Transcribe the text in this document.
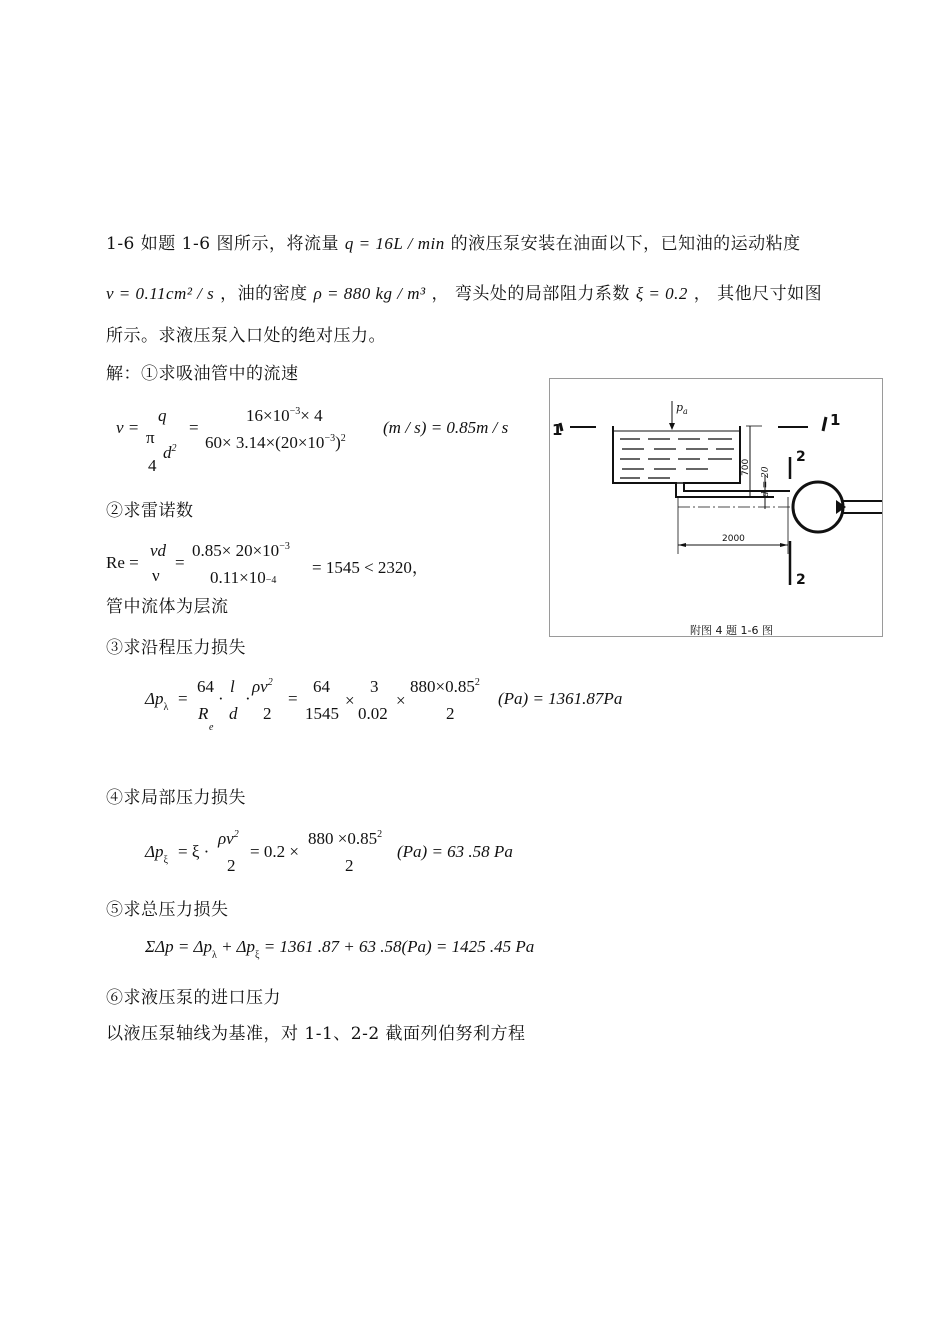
1-6 如题 1-6 图所示，将流量 q = 16L / min 的液压泵安装在油面以下，已知油的运动粘度
ν = 0.11cm² / s ，油的密度 ρ = 880 kg / m³ ， 弯头处的局部阻力系数 ξ = 0.2 ， 其他尺寸如图
所示。求液压泵入口处的绝对压力。
解：①求吸油管中的流速
v =
q
π
4
$d^2$
=
$16\times 10^{-3}\times 4$
$60\times 3.14\times(20\times 10^{-3})^2$
(m / s) = 0.85m / s
②求雷诺数
Re =
vd
ν
=
$0.85\times 20\times 10^{-3}$
0.11×10−4
= 1545 < 2320，
管中流体为层流
③求沿程压力损失
$\Delta p_\lambda$ =
64
R
e
·
l
d
·
$\rho v^2$
2
=
64
1545
×
3
0.02
×
$880\times 0.85^2$
2
(Pa) = 1361.87Pa
④求局部压力损失
$\Delta p_\xi = \xi$ ·
$\rho v^2$
2
= 0.2 ×
$880 \times 0.85^2$
2
(Pa) = 63 .58 Pa
⑤求总压力损失
$\Sigma\Delta p = \Delta p_\lambda + \Delta p_\xi = 1361$ .87 + 63 .58(Pa) = 1425 .45 Pa
⑥求液压泵的进口压力
以液压泵轴线为基准，对 1-1、2-2 截面列伯努利方程
$p_a$
700 d = 20
2000
1
1
2
2
附图 4 题 1-6 图
